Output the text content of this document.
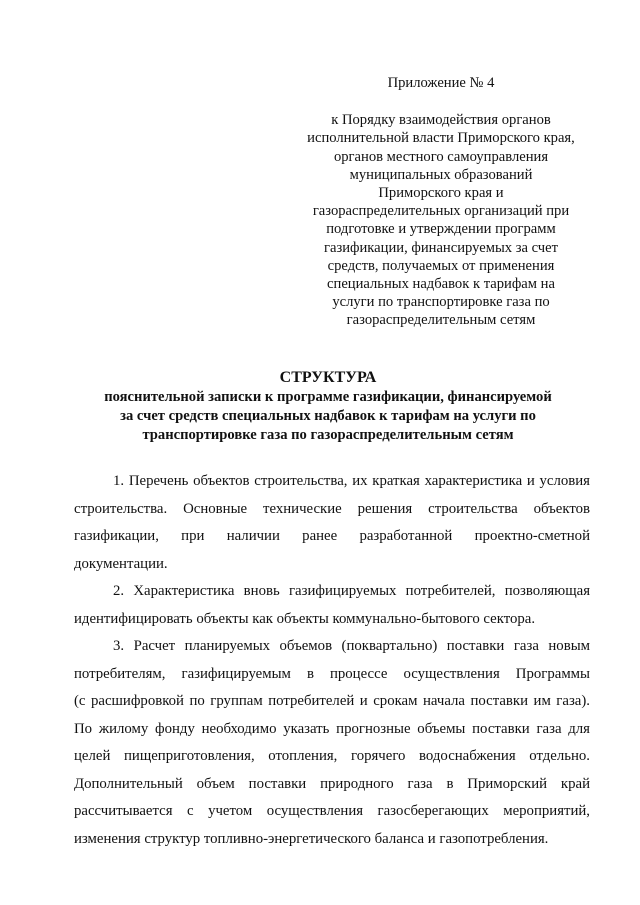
Приложение № 4
к Порядку взаимодействия органов
исполнительной власти Приморского края,
органов местного самоуправления
муниципальных образований
Приморского края и
газораспределительных организаций при
подготовке и утверждении программ
газификации, финансируемых за счет
средств, получаемых от применения
специальных надбавок к тарифам на
услуги по транспортировке газа по
газораспределительным сетям
СТРУКТУРА
пояснительной записки к программе газификации, финансируемой
за счет средств специальных надбавок к тарифам на услуги по
транспортировке газа по газораспределительным сетям
1. Перечень объектов строительства, их краткая характеристика и условия
строительства. Основные технические решения строительства объектов
газификации, при наличии ранее разработанной проектно-сметной
документации.
2. Характеристика вновь газифицируемых потребителей, позволяющая
идентифицировать объекты как объекты коммунально-бытового сектора.
3. Расчет планируемых объемов (поквартально) поставки газа новым
потребителям, газифицируемым в процессе осуществления Программы
(с расшифровкой по группам потребителей и срокам начала поставки им газа).
По жилому фонду необходимо указать прогнозные объемы поставки газа для
целей пищеприготовления, отопления, горячего водоснабжения отдельно.
Дополнительный объем поставки природного газа в Приморский край
рассчитывается с учетом осуществления газосберегающих мероприятий,
изменения структур топливно-энергетического баланса и газопотребления.
